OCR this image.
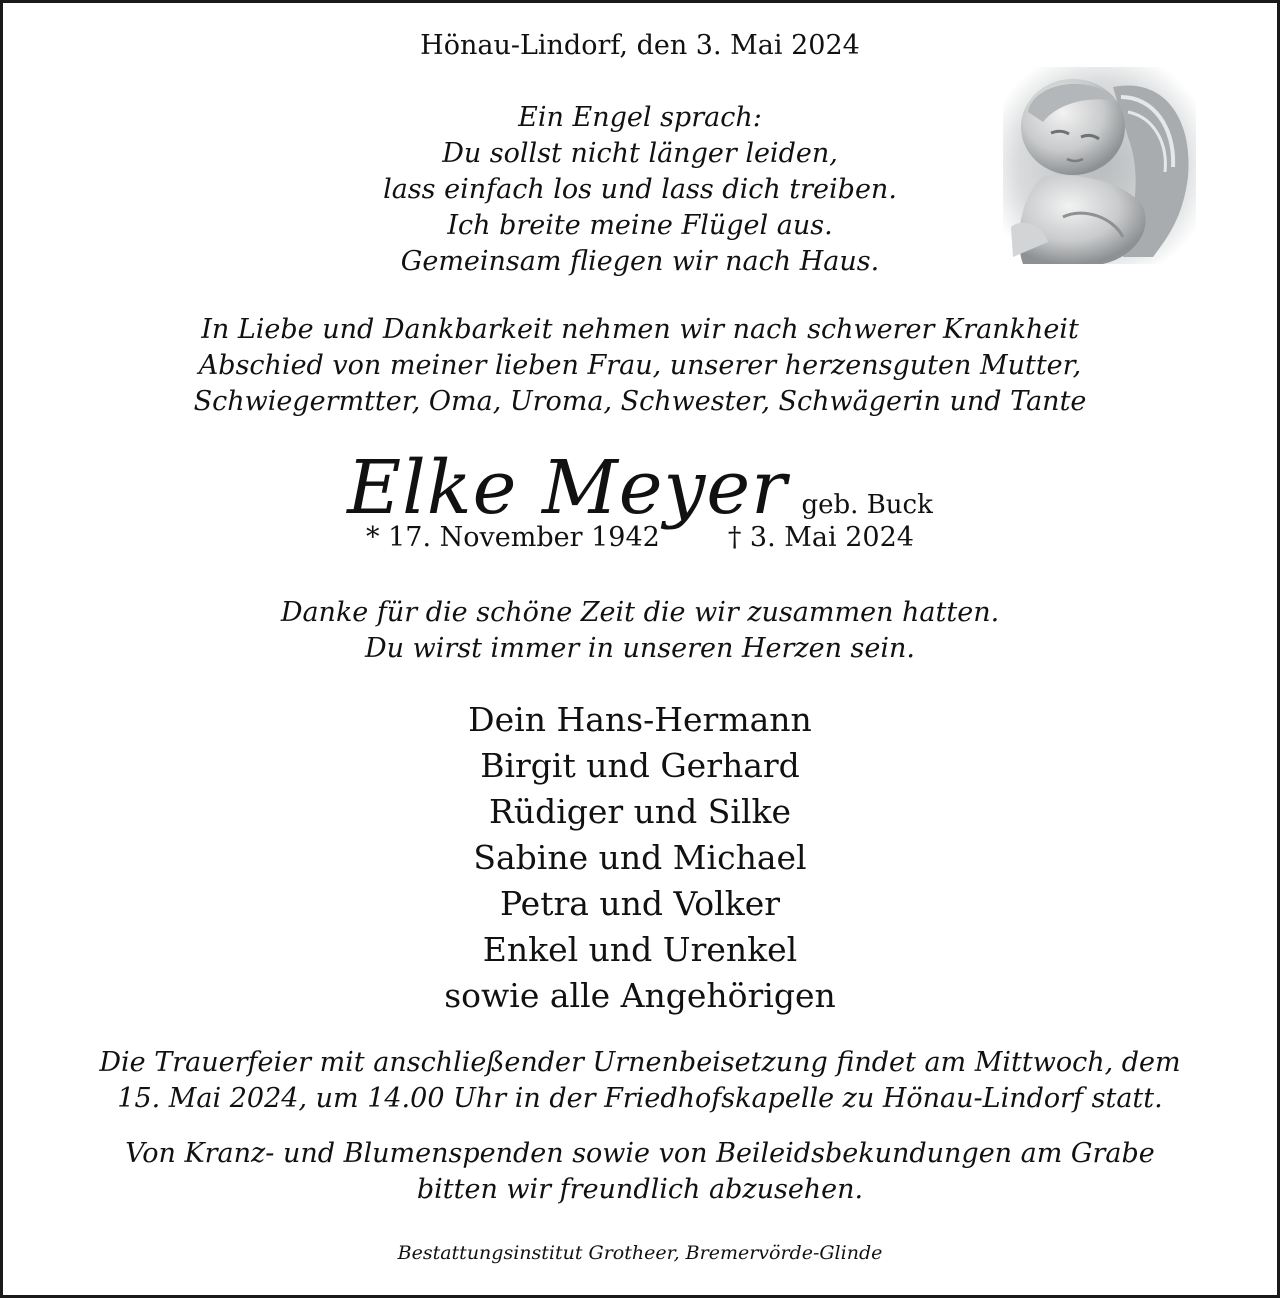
Hönau-Lindorf, den 3. Mai 2024
Ein Engel sprach:
Du sollst nicht länger leiden,
lass einfach los und lass dich treiben.
Ich breite meine Flügel aus.
Gemeinsam fliegen wir nach Haus.
In Liebe und Dankbarkeit nehmen wir nach schwerer Krankheit
Abschied von meiner lieben Frau, unserer herzensguten Mutter,
Schwiegermtter, Oma, Uroma, Schwester, Schwägerin und Tante
Elke Meyer geb. Buck
* 17. November 1942	† 3. Mai 2024
Danke für die schöne Zeit die wir zusammen hatten.
Du wirst immer in unseren Herzen sein.
Dein Hans-Hermann
Birgit und Gerhard
Rüdiger und Silke
Sabine und Michael
Petra und Volker
Enkel und Urenkel
sowie alle Angehörigen
Die Trauerfeier mit anschließender Urnenbeisetzung findet am Mittwoch, dem
15. Mai 2024, um 14.00 Uhr in der Friedhofskapelle zu Hönau-Lindorf statt.
Von Kranz- und Blumenspenden sowie von Beileidsbekundungen am Grabe
bitten wir freundlich abzusehen.
Bestattungsinstitut Grotheer, Bremervörde-Glinde
